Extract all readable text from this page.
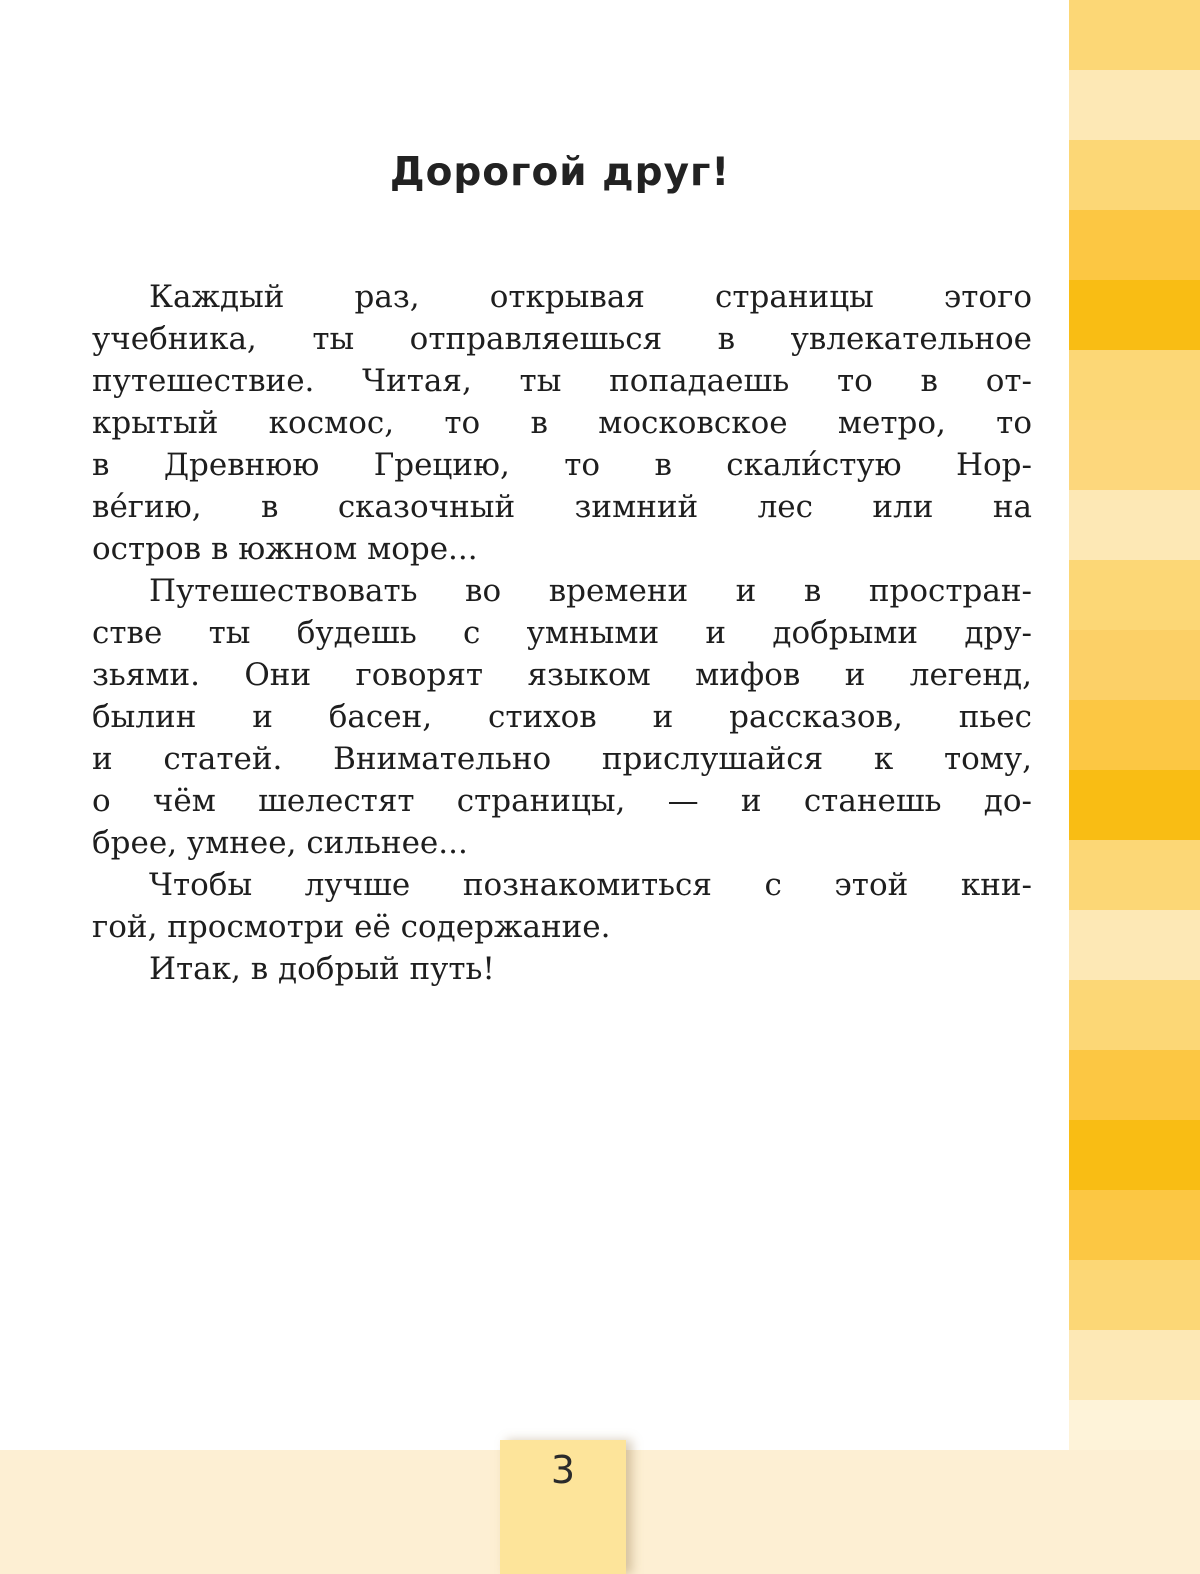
Дорогой друг!
Каждый раз, открывая страницы этого
учебника, ты отправляешься в увлекательное
путешествие. Читая, ты попадаешь то в от-
крытый космос, то в московское метро, то
в Древнюю Грецию, то в скали́стую Нор-
ве́гию, в сказочный зимний лес или на
остров в южном море...
Путешествовать во времени и в простран-
стве ты будешь с умными и добрыми дру-
зьями. Они говорят языком мифов и легенд,
былин и басен, стихов и рассказов, пьес
и статей. Внимательно прислушайся к тому,
о чём шелестят страницы, — и станешь до-
брее, умнее, сильнее...
Чтобы лучше познакомиться с этой кни-
гой, просмотри её содержание.
Итак, в добрый путь!
3
